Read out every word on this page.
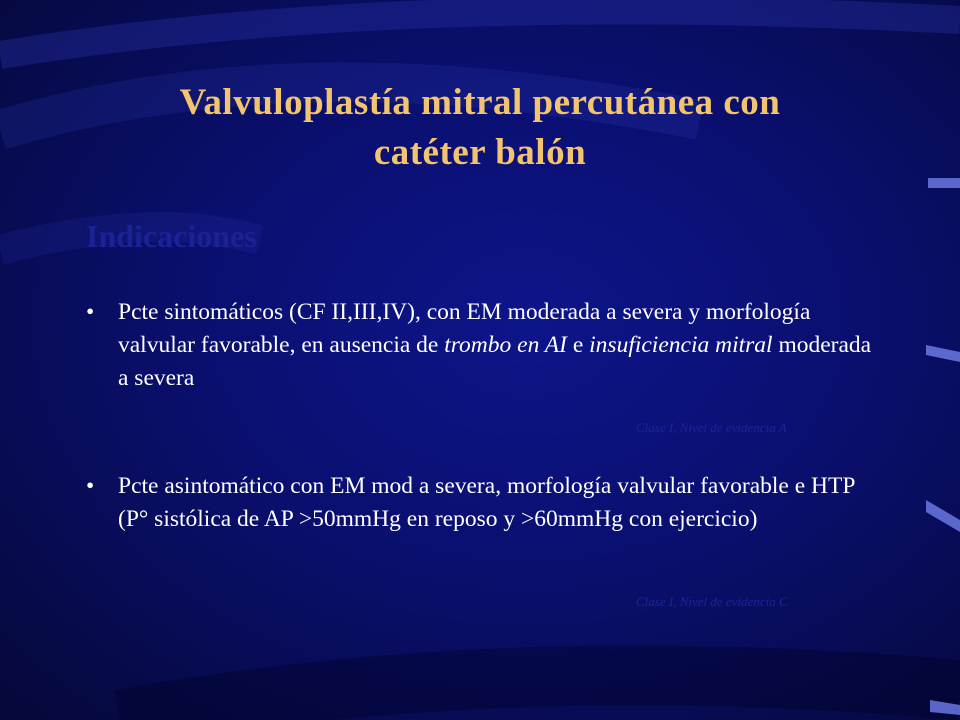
Valvuloplastía mitral percutánea con
catéter balón
Indicaciones
• Pcte sintomáticos (CF II,III,IV), con EM moderada a severa y morfología valvular favorable, en ausencia de trombo en AI e insuficiencia mitral moderada a severa
Clase I, Nivel de evidencia A
• Pcte asintomático con EM mod a severa, morfología valvular favorable e HTP (P° sistólica de AP >50mmHg en reposo y >60mmHg con ejercicio)
Clase I, Nivel de evidencia C
